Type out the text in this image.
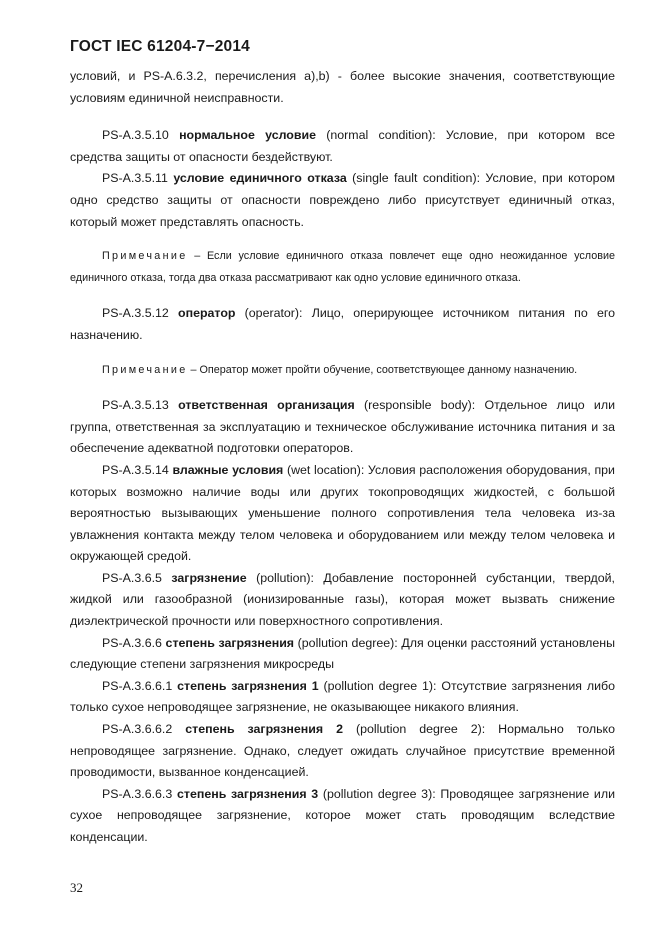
ГОСТ IEC 61204-7−2014

условий, и PS-A.6.3.2, перечисления a),b) - более высокие значения, соответствующие условиям единичной неисправности.

PS-A.3.5.10 нормальное условие (normal condition): Условие, при котором все средства защиты от опасности бездействуют.

PS-A.3.5.11 условие единичного отказа (single fault condition): Условие, при котором одно средство защиты от опасности повреждено либо присутствует единичный отказ, который может представлять опасность.

Примечание – Если условие единичного отказа повлечет еще одно неожиданное условие единичного отказа, тогда два отказа рассматривают как одно условие единичного отказа.

PS-A.3.5.12 оператор (operator): Лицо, оперирующее источником питания по его назначению.

Примечание – Оператор может пройти обучение, соответствующее данному назначению.

PS-A.3.5.13 ответственная организация (responsible body): Отдельное лицо или группа, ответственная за эксплуатацию и техническое обслуживание источника питания и за обеспечение адекватной подготовки операторов.

PS-A.3.5.14 влажные условия (wet location): Условия расположения оборудования, при которых возможно наличие воды или других токопроводящих жидкостей, с большой вероятностью вызывающих уменьшение полного сопротивления тела человека из-за увлажнения контакта между телом человека и оборудованием или между телом человека и окружающей средой.

PS-A.3.6.5 загрязнение (pollution): Добавление посторонней субстанции, твердой, жидкой или газообразной (ионизированные газы), которая может вызвать снижение диэлектрической прочности или поверхностного сопротивления.

PS-A.3.6.6 степень загрязнения (pollution degree): Для оценки расстояний установлены следующие степени загрязнения микросреды

PS-A.3.6.6.1 степень загрязнения 1 (pollution degree 1): Отсутствие загрязнения либо только сухое непроводящее загрязнение, не оказывающее никакого влияния.

PS-A.3.6.6.2 степень загрязнения 2 (pollution degree 2): Нормально только непроводящее загрязнение. Однако, следует ожидать случайное присутствие временной проводимости, вызванное конденсацией.

PS-A.3.6.6.3 степень загрязнения 3 (pollution degree 3): Проводящее загрязнение или сухое непроводящее загрязнение, которое может стать проводящим вследствие конденсации.

32
